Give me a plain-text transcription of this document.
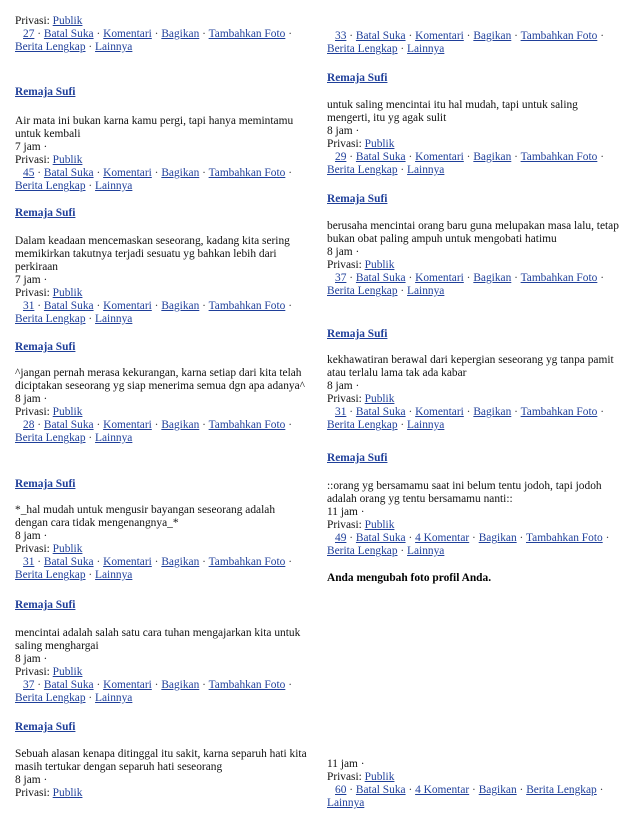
Privasi: Publik
27 · Batal Suka · Komentari · Bagikan · Tambahkan Foto ·
Berita Lengkap · Lainnya
Remaja Sufi
Air mata ini bukan karna kamu pergi, tapi hanya memintamu
untuk kembali
7 jam ·
Privasi: Publik
45 · Batal Suka · Komentari · Bagikan · Tambahkan Foto ·
Berita Lengkap · Lainnya
Remaja Sufi
Dalam keadaan mencemaskan seseorang, kadang kita sering
memikirkan takutnya terjadi sesuatu yg bahkan lebih dari
perkiraan
7 jam ·
Privasi: Publik
31 · Batal Suka · Komentari · Bagikan · Tambahkan Foto ·
Berita Lengkap · Lainnya
Remaja Sufi
^jangan pernah merasa kekurangan, karna setiap dari kita telah
diciptakan seseorang yg siap menerima semua dgn apa adanya^
8 jam ·
Privasi: Publik
28 · Batal Suka · Komentari · Bagikan · Tambahkan Foto ·
Berita Lengkap · Lainnya
Remaja Sufi
*_hal mudah untuk mengusir bayangan seseorang adalah
dengan cara tidak mengenangnya_*
8 jam ·
Privasi: Publik
31 · Batal Suka · Komentari · Bagikan · Tambahkan Foto ·
Berita Lengkap · Lainnya
Remaja Sufi
mencintai adalah salah satu cara tuhan mengajarkan kita untuk
saling menghargai
8 jam ·
Privasi: Publik
37 · Batal Suka · Komentari · Bagikan · Tambahkan Foto ·
Berita Lengkap · Lainnya
Remaja Sufi
Sebuah alasan kenapa ditinggal itu sakit, karna separuh hati kita
masih tertukar dengan separuh hati seseorang
8 jam ·
Privasi: Publik
33 · Batal Suka · Komentari · Bagikan · Tambahkan Foto ·
Berita Lengkap · Lainnya
Remaja Sufi
untuk saling mencintai itu hal mudah, tapi untuk saling
mengerti, itu yg agak sulit
8 jam ·
Privasi: Publik
29 · Batal Suka · Komentari · Bagikan · Tambahkan Foto ·
Berita Lengkap · Lainnya
Remaja Sufi
berusaha mencintai orang baru guna melupakan masa lalu, tetap
bukan obat paling ampuh untuk mengobati hatimu
8 jam ·
Privasi: Publik
37 · Batal Suka · Komentari · Bagikan · Tambahkan Foto ·
Berita Lengkap · Lainnya
Remaja Sufi
kekhawatiran berawal dari kepergian seseorang yg tanpa pamit
atau terlalu lama tak ada kabar
8 jam ·
Privasi: Publik
31 · Batal Suka · Komentari · Bagikan · Tambahkan Foto ·
Berita Lengkap · Lainnya
Remaja Sufi
::orang yg bersamamu saat ini belum tentu jodoh, tapi jodoh
adalah orang yg tentu bersamamu nanti::
11 jam ·
Privasi: Publik
49 · Batal Suka · 4 Komentar · Bagikan · Tambahkan Foto ·
Berita Lengkap · Lainnya
Anda mengubah foto profil Anda.
11 jam ·
Privasi: Publik
60 · Batal Suka · 4 Komentar · Bagikan · Berita Lengkap ·
Lainnya
